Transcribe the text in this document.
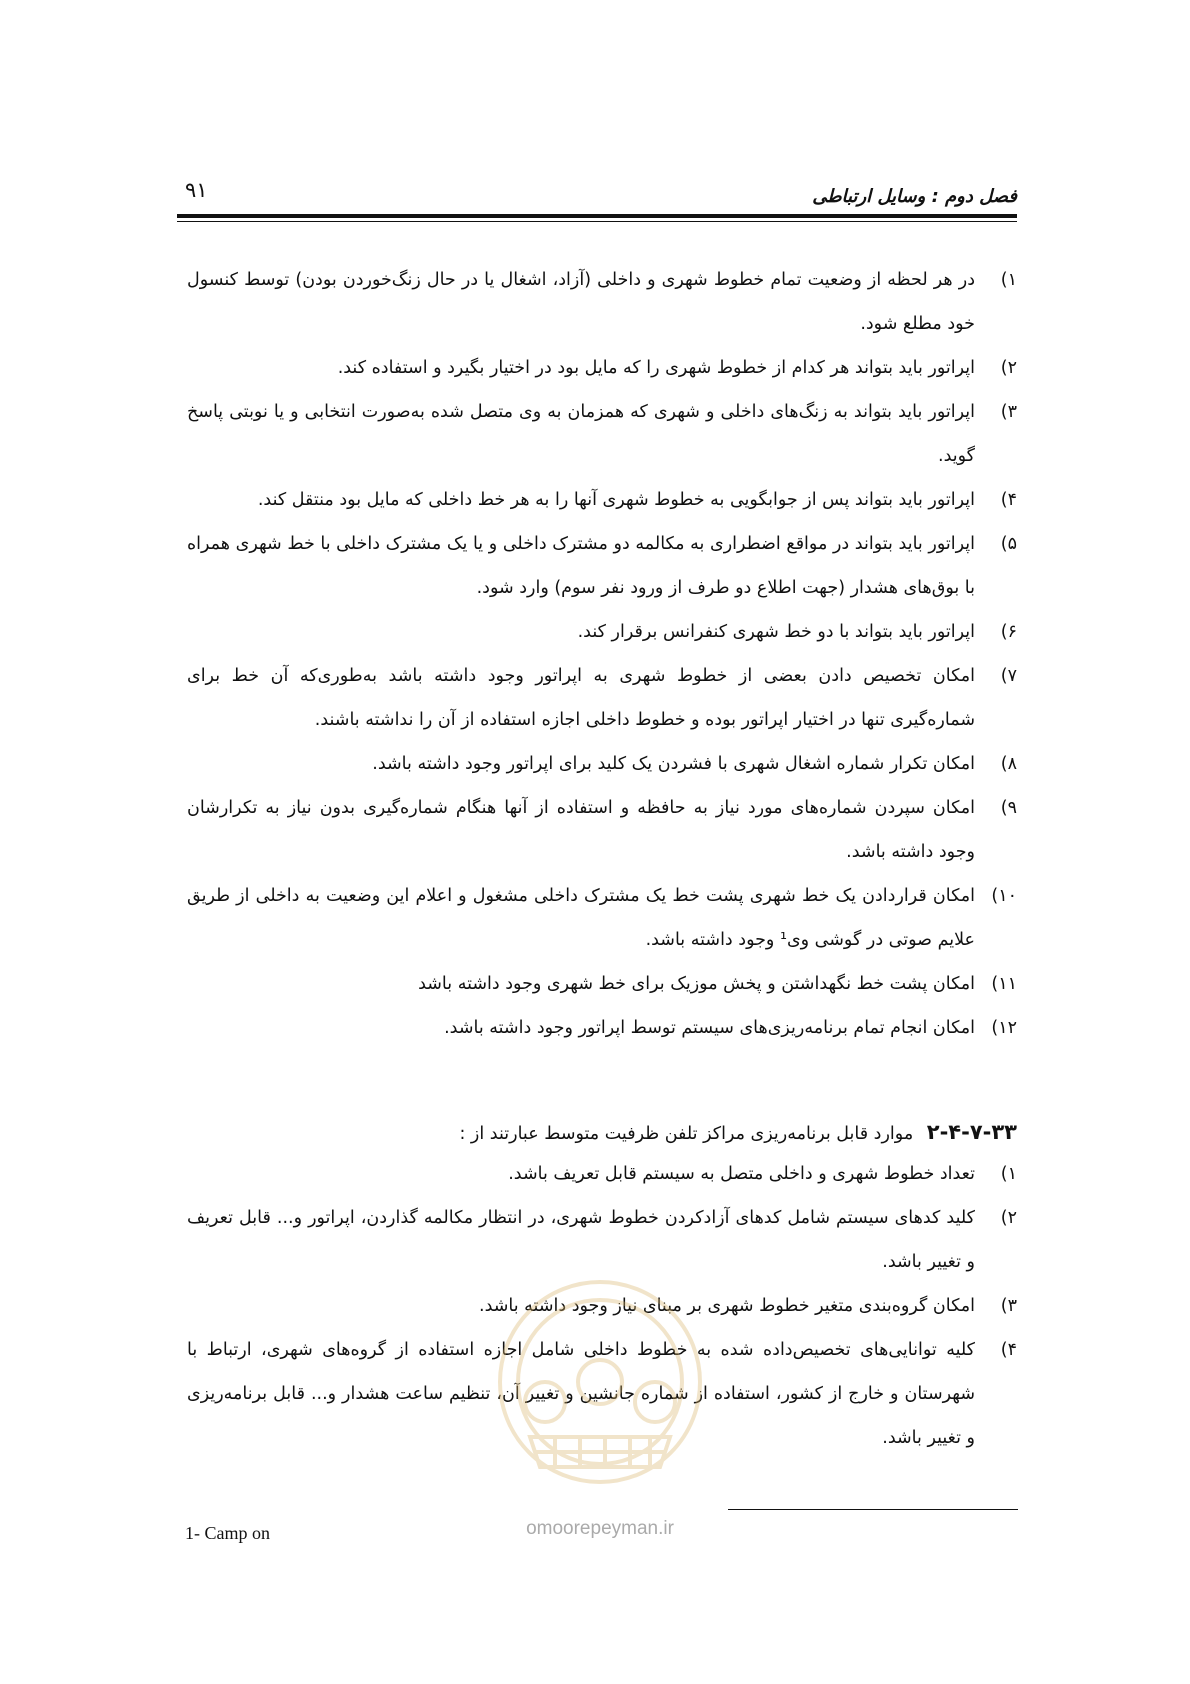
۹۱	فصل دوم : وسایل ارتباطی
۱)
در هر لحظه از وضعیت تمام خطوط شهری و داخلی (آزاد، اشغال یا در حال زنگ‌خوردن بودن) توسط کنسول خود مطلع شود.
۲)
اپراتور باید بتواند هر کدام از خطوط شهری را که مایل بود در اختیار بگیرد و استفاده کند.
۳)
اپراتور باید بتواند به زنگ‌های داخلی و شهری که همزمان به وی متصل شده به‌صورت انتخابی و یا نوبتی پاسخ گوید.
۴)
اپراتور باید بتواند پس از جوابگویی به خطوط شهری آنها را به هر خط داخلی که مایل بود منتقل کند.
۵)
اپراتور باید بتواند در مواقع اضطراری به مکالمه دو مشترک داخلی و یا یک مشترک داخلی با خط شهری همراه با بوق‌های هشدار (جهت اطلاع دو طرف از ورود نفر سوم) وارد شود.
۶)
اپراتور باید بتواند با دو خط شهری کنفرانس برقرار کند.
۷)
امکان تخصیص دادن بعضی از خطوط شهری به اپراتور وجود داشته باشد به‌طوری‌که آن خط برای شماره‌گیری تنها در اختیار اپراتور بوده و خطوط داخلی اجازه استفاده از آن را نداشته باشند.
۸)
امکان تکرار شماره اشغال شهری با فشردن یک کلید برای اپراتور وجود داشته باشد.
۹)
امکان سپردن شماره‌های مورد نیاز به حافظه و استفاده از آنها هنگام شماره‌گیری بدون نیاز به تکرارشان وجود داشته باشد.
۱۰)
امکان قراردادن یک خط شهری پشت خط یک مشترک داخلی مشغول و اعلام این وضعیت به داخلی از طریق علایم صوتی در گوشی وی¹ وجود داشته باشد.
۱۱)
امکان پشت خط نگهداشتن و پخش موزیک برای خط شهری وجود داشته باشد
۱۲)
امکان انجام تمام برنامه‌ریزی‌های سیستم توسط اپراتور وجود داشته باشد.
۲-۴-۷-۳۳ موارد قابل برنامه‌ریزی مراکز تلفن ظرفیت متوسط عبارتند از :
۱)
تعداد خطوط شهری و داخلی متصل به سیستم قابل تعریف باشد.
۲)
کلید کدهای سیستم شامل کدهای آزادکردن خطوط شهری، در انتظار مکالمه گذاردن، اپراتور و... قابل تعریف و تغییر باشد.
۳)
امکان گروه‌بندی متغیر خطوط شهری بر مبنای نیاز وجود داشته باشد.
۴)
کلیه توانایی‌های تخصیص‌داده شده به خطوط داخلی شامل اجازه استفاده از گروه‌های شهری، ارتباط با شهرستان و خارج از کشور، استفاده از شماره جانشین و تغییر آن، تنظیم ساعت هشدار و... قابل برنامه‌ریزی و تغییر باشد.
omoorepeyman.ir
1- Camp on
